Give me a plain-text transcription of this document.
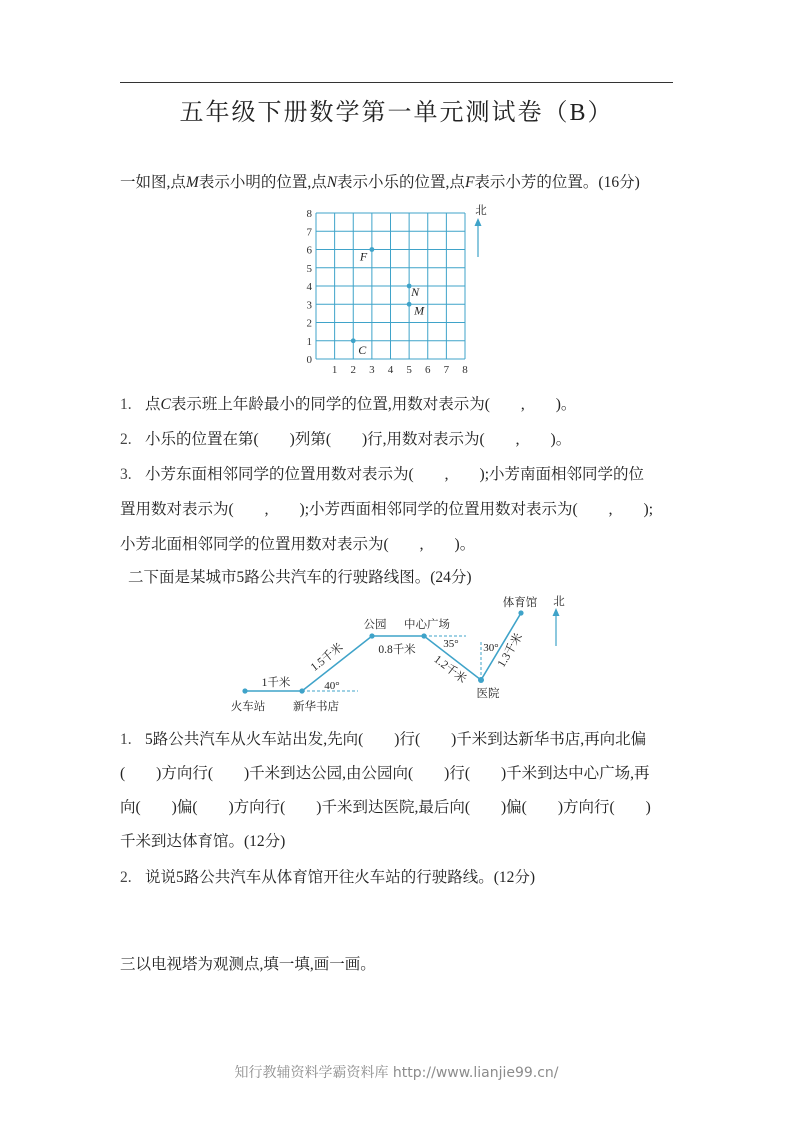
五年级下册数学第一单元测试卷（B）
一如图,点M表示小明的位置,点N表示小乐的位置,点F表示小芳的位置。(16分)
北
0
1
2
3
4
5
6
7
8
1 2 3 4 5 6 7 8
F
N
M
C
1. 点C表示班上年龄最小的同学的位置,用数对表示为(        ,        )。
2. 小乐的位置在第(        )列第(        )行,用数对表示为(        ,        )。
3. 小芳东面相邻同学的位置用数对表示为(        ,        );小芳南面相邻同学的位
置用数对表示为(        ,        );小芳西面相邻同学的位置用数对表示为(        ,        );
小芳北面相邻同学的位置用数对表示为(        ,        )。
二下面是某城市5路公共汽车的行驶路线图。(24分)
火车站 新华书店
公园 中心广场
医院
体育馆
1千米
1.5千米	0.8千米
1.2千米
1.3千米
40°
35° 30°
北
1. 5路公共汽车从火车站出发,先向(        )行(        )千米到达新华书店,再向北偏
(        )方向行(        )千米到达公园,由公园向(        )行(        )千米到达中心广场,再
向(        )偏(        )方向行(        )千米到达医院,最后向(        )偏(        )方向行(        )
千米到达体育馆。(12分)
2. 说说5路公共汽车从体育馆开往火车站的行驶路线。(12分)
三以电视塔为观测点,填一填,画一画。
知行教辅资料学霸资料库 http://www.lianjie99.cn/
